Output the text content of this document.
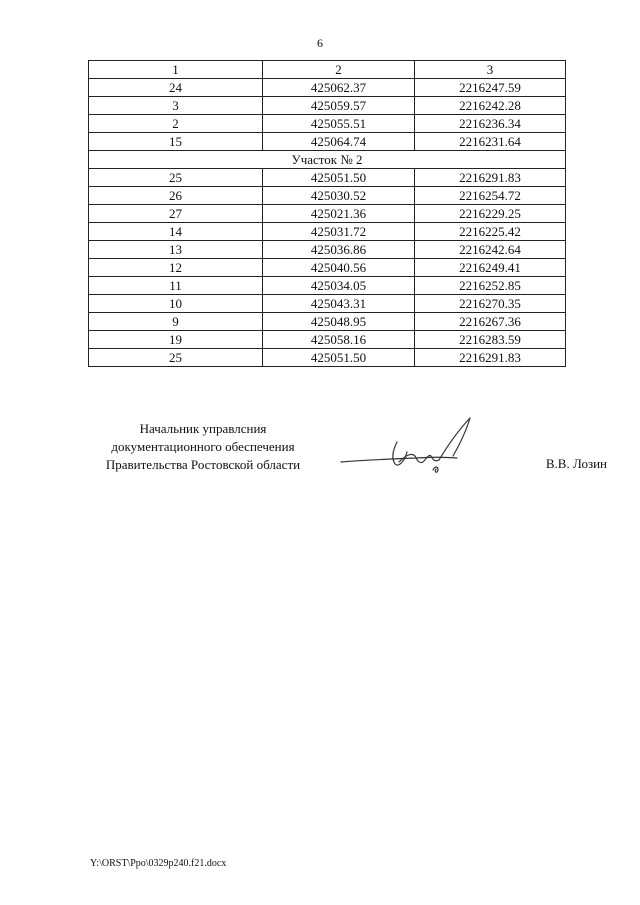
6
1	2	3
24	425062.37	2216247.59
3	425059.57	2216242.28
2	425055.51	2216236.34
15	425064.74	2216231.64
Участок № 2		
25	425051.50	2216291.83
26	425030.52	2216254.72
27	425021.36	2216229.25
14	425031.72	2216225.42
13	425036.86	2216242.64
12	425040.56	2216249.41
11	425034.05	2216252.85
10	425043.31	2216270.35
9	425048.95	2216267.36
19	425058.16	2216283.59
25	425051.50	2216291.83
Начальник управлсния
документационного обеспечения
Правительства Ростовской области	В.В. Лозин
Y:\ORST\Ppo\0329p240.f21.docx
